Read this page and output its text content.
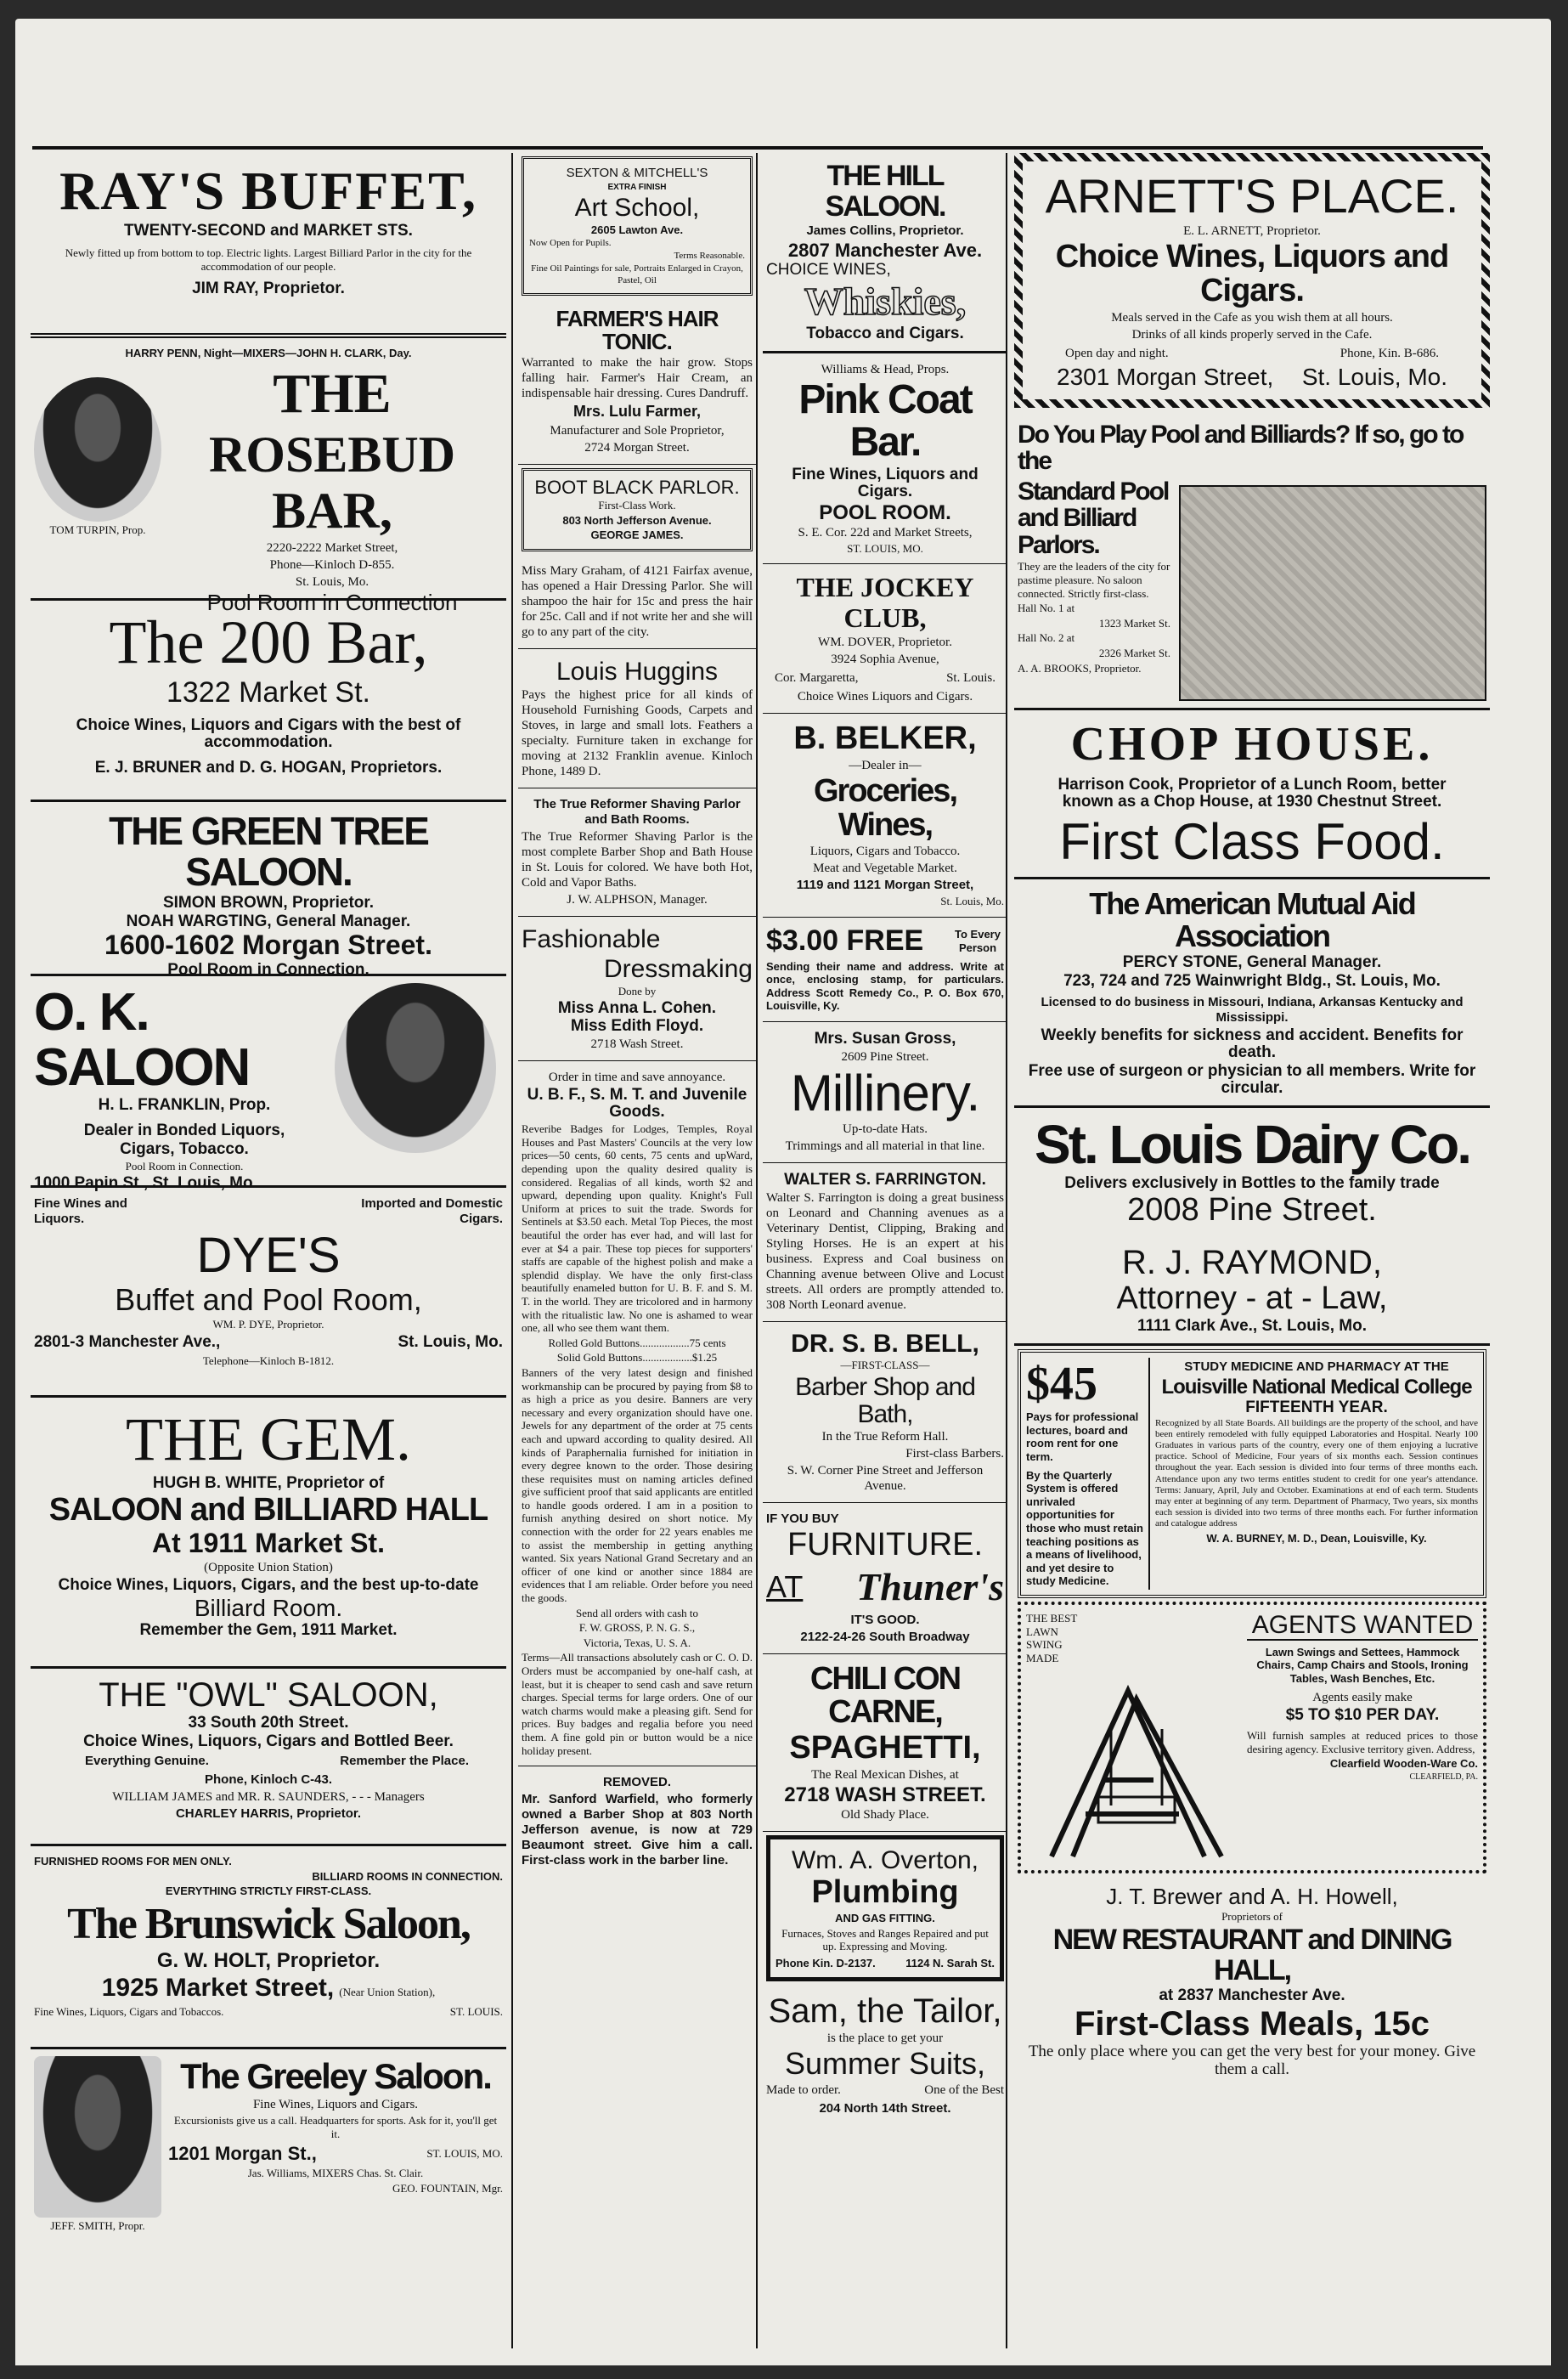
RAY'S BUFFET,
TWENTY-SECOND and MARKET STS.
Newly fitted up from bottom to top. Electric lights. Largest Billiard Parlor in the city for the accommodation of our people.
JIM RAY, Proprietor.
HARRY PENN, Night—MIXERS—JOHN H. CLARK, Day.
TOM TURPIN, Prop.
THE
ROSEBUD BAR,
2220-2222 Market Street,
Phone—Kinloch D-855.
St. Louis, Mo.
Pool Room in Connection
The 200 Bar,
1322 Market St.
Choice Wines, Liquors and Cigars with the best of accommodation.
E. J. BRUNER and D. G. HOGAN, Proprietors.
THE GREEN TREE SALOON.
SIMON BROWN, Proprietor.
NOAH WARGTING, General Manager.
1600-1602 Morgan Street.
Pool Room in Connection.
O. K. SALOON
H. L. FRANKLIN, Prop.
Dealer in Bonded Liquors,
Cigars, Tobacco.
Pool Room in Connection.
1000 Papin St., St. Louis, Mo.
Fine Wines and Liquors.
Imported and Domestic Cigars.
DYE'S
Buffet and Pool Room,
WM. P. DYE, Proprietor.
2801-3 Manchester Ave.,	St. Louis, Mo.
Telephone—Kinloch B-1812.
THE GEM.
HUGH B. WHITE, Proprietor of
SALOON and BILLIARD HALL
At 1911 Market St.
(Opposite Union Station)
Choice Wines, Liquors, Cigars, and the best up-to-date
Billiard Room.
Remember the Gem, 1911 Market.
THE "OWL" SALOON,
33 South 20th Street.
Choice Wines, Liquors, Cigars and Bottled Beer.
Everything Genuine.	Remember the Place.
Phone, Kinloch C-43.
WILLIAM JAMES and MR. R. SAUNDERS, - - - Managers
CHARLEY HARRIS, Proprietor.
FURNISHED ROOMS FOR MEN ONLY.
BILLIARD ROOMS IN CONNECTION.
EVERYTHING STRICTLY FIRST-CLASS.
The Brunswick Saloon,
G. W. HOLT, Proprietor.
1925 Market Street, (Near Union Station),
Fine Wines, Liquors, Cigars and Tobaccos.	ST. LOUIS.
JEFF. SMITH, Propr.
The Greeley Saloon.
Fine Wines, Liquors and Cigars.
Excursionists give us a call. Headquarters for sports. Ask for it, you'll get it.
1201 Morgan St.,	ST. LOUIS, MO.
Jas. Williams, MIXERS Chas. St. Clair.
GEO. FOUNTAIN, Mgr.
SEXTON & MITCHELL'S
EXTRA FINISH
Art School,
2605 Lawton Ave.
Now Open for Pupils.
Terms Reasonable.
Fine Oil Paintings for sale, Portraits Enlarged in Crayon, Pastel, Oil
FARMER'S HAIR TONIC.
Warranted to make the hair grow. Stops falling hair. Farmer's Hair Cream, an indispensable hair dressing. Cures Dandruff.
Mrs. Lulu Farmer,
Manufacturer and Sole Proprietor,
2724 Morgan Street.
BOOT BLACK PARLOR.
First-Class Work.
803 North Jefferson Avenue.
GEORGE JAMES.
Miss Mary Graham, of 4121 Fairfax avenue, has opened a Hair Dressing Parlor. She will shampoo the hair for 15c and press the hair for 25c. Call and if not write her and she will go to any part of the city.
Louis Huggins
Pays the highest price for all kinds of Household Furnishing Goods, Carpets and Stoves, in large and small lots. Feathers a specialty. Furniture taken in exchange for moving at 2132 Franklin avenue. Kinloch Phone, 1489 D.
The True Reformer Shaving Parlor and Bath Rooms.
The True Reformer Shaving Parlor is the most complete Barber Shop and Bath House in St. Louis for colored. We have both Hot, Cold and Vapor Baths.
J. W. ALPHSON, Manager.
Fashionable
Dressmaking
Done by
Miss Anna L. Cohen.
Miss Edith Floyd.
2718 Wash Street.
Order in time and save annoyance.
U. B. F., S. M. T. and Juvenile Goods.
Reveribe Badges for Lodges, Temples, Royal Houses and Past Masters' Councils at the very low prices—50 cents, 60 cents, 75 cents and upWard, depending upon the quality desired quality is considered. Regalias of all kinds, worth $2 and upward, depending upon quality. Knight's Full Uniform at prices to suit the trade. Swords for Sentinels at $3.50 each. Metal Top Pieces, the most beautiful the order has ever had, and will last for ever at $4 a pair. These top pieces for supporters' staffs are capable of the highest polish and make a splendid display. We have the only first-class beautifully enameled button for U. B. F. and S. M. T. in the world. They are tricolored and in harmony with the ritualistic law. No one is ashamed to wear one, all who see them want them.
Rolled Gold Buttons..................75 cents
Solid Gold Buttons..................$1.25
Banners of the very latest design and finished workmanship can be procured by paying from $8 to as high a price as you desire. Banners are very necessary and every organization should have one. Jewels for any department of the order at 75 cents each and upward according to quality desired. All kinds of Paraphernalia furnished for initiation in every degree known to the order. Those desiring these requisites must on naming articles defined give sufficient proof that said applicants are entitled to handle goods ordered. I am in a position to furnish anything desired on short notice. My connection with the order for 22 years enables me to assist the membership in getting anything wanted. Six years National Grand Secretary and an officer of one kind or another since 1884 are evidences that I am reliable. Order before you need the goods.
Send all orders with cash to
F. W. GROSS, P. N. G. S.,
Victoria, Texas, U. S. A.
Terms—All transactions absolutely cash or C. O. D. Orders must be accompanied by one-half cash, at least, but it is cheaper to send cash and save return charges. Special terms for large orders. One of our watch charms would make a pleasing gift. Send for prices. Buy badges and regalia before you need them. A fine gold pin or button would be a nice holiday present.
REMOVED.
Mr. Sanford Warfield, who formerly owned a Barber Shop at 803 North Jefferson avenue, is now at 729 Beaumont street. Give him a call. First-class work in the barber line.
THE HILL SALOON.
James Collins, Proprietor.
2807 Manchester Ave.
CHOICE WINES,
Whiskies,
Tobacco and Cigars.
Williams & Head, Props.
Pink Coat Bar.
Fine Wines, Liquors and Cigars.
POOL ROOM.
S. E. Cor. 22d and Market Streets,
ST. LOUIS, MO.
THE JOCKEY CLUB,
WM. DOVER, Proprietor.
3924 Sophia Avenue,
Cor. Margaretta,	St. Louis.
Choice Wines Liquors and Cigars.
B. BELKER,
—Dealer in—
Groceries, Wines,
Liquors, Cigars and Tobacco.
Meat and Vegetable Market.
1119 and 1121 Morgan Street,
St. Louis, Mo.
$3.00 FREE	To Every Person
Sending their name and address. Write at once, enclosing stamp, for particulars. Address Scott Remedy Co., P. O. Box 670, Louisville, Ky.
Mrs. Susan Gross,
2609 Pine Street.
Millinery.
Up-to-date Hats.
Trimmings and all material in that line.
WALTER S. FARRINGTON.
Walter S. Farrington is doing a great business on Leonard and Channing avenues as a Veterinary Dentist, Clipping, Braking and Styling Horses. He is an expert at his business. Express and Coal business on Channing avenue between Olive and Locust streets. All orders are promptly attended to. 308 North Leonard avenue.
DR. S. B. BELL,
—FIRST-CLASS—
Barber Shop and Bath,
In the True Reform Hall.
First-class Barbers.
S. W. Corner Pine Street and Jefferson Avenue.
IF YOU BUY
FURNITURE.
AT Thuner's
IT'S GOOD.
2122-24-26 South Broadway
CHILI CON CARNE,
SPAGHETTI,
The Real Mexican Dishes, at
2718 WASH STREET.
Old Shady Place.
Wm. A. Overton,
Plumbing
AND GAS FITTING.
Furnaces, Stoves and Ranges Repaired and put up. Expressing and Moving.
Phone Kin. D-2137.	1124 N. Sarah St.
Sam, the Tailor,
is the place to get your
Summer Suits,
Made to order.	One of the Best
204 North 14th Street.
ARNETT'S PLACE.
E. L. ARNETT, Proprietor.
Choice Wines, Liquors and Cigars.
Meals served in the Cafe as you wish them at all hours.
Drinks of all kinds properly served in the Cafe.
Open day and night.	Phone, Kin. B-686.
2301 Morgan Street, St. Louis, Mo.
Do You Play Pool and Billiards? If so, go to the
Standard Pool and Billiard Parlors.
They are the leaders of the city for pastime pleasure. No saloon connected. Strictly first-class.
Hall No. 1 at
1323 Market St.
Hall No. 2 at
2326 Market St.
A. A. BROOKS, Proprietor.
CHOP HOUSE.
Harrison Cook, Proprietor of a Lunch Room, better known as a Chop House, at 1930 Chestnut Street.
First Class Food.
The American Mutual Aid Association
PERCY STONE, General Manager.
723, 724 and 725 Wainwright Bldg., St. Louis, Mo.
Licensed to do business in Missouri, Indiana, Arkansas Kentucky and Mississippi.
Weekly benefits for sickness and accident. Benefits for death.
Free use of surgeon or physician to all members. Write for circular.
St. Louis Dairy Co.
Delivers exclusively in Bottles to the family trade
2008 Pine Street.
R. J. RAYMOND,
Attorney - at - Law,
1111 Clark Ave., St. Louis, Mo.
$45
Pays for professional lectures, board and room rent for one term.
By the Quarterly System is offered unrivaled opportunities for those who must retain teaching positions as a means of livelihood, and yet desire to study Medicine.
STUDY MEDICINE AND PHARMACY AT THE
Louisville National Medical College
FIFTEENTH YEAR.
Recognized by all State Boards. All buildings are the property of the school, and have been entirely remodeled with fully equipped Laboratories and Hospital. Nearly 100 Graduates in various parts of the country, every one of them enjoying a lucrative practice. School of Medicine, Four years of six months each. Session continues throughout the year. Each session is divided into four terms of three months each. Attendance upon any two terms entitles student to credit for one year's attendance. Terms: January, April, July and October. Examinations at end of each term. Students may enter at beginning of any term. Department of Pharmacy, Two years, six months each session is divided into two terms of three months each. For further information and catalogue address
W. A. BURNEY, M. D., Dean, Louisville, Ky.
THE BEST LAWN SWING MADE
AGENTS WANTED
Lawn Swings and Settees, Hammock Chairs, Camp Chairs and Stools, Ironing Tables, Wash Benches, Etc.
Agents easily make
$5 TO $10 PER DAY.
Will furnish samples at reduced prices to those desiring agency. Exclusive territory given. Address,
Clearfield Wooden-Ware Co.
CLEARFIELD, PA.
J. T. Brewer and A. H. Howell,
Proprietors of
NEW RESTAURANT and DINING HALL,
at 2837 Manchester Ave.
First-Class Meals, 15c
The only place where you can get the very best for your money. Give them a call.
